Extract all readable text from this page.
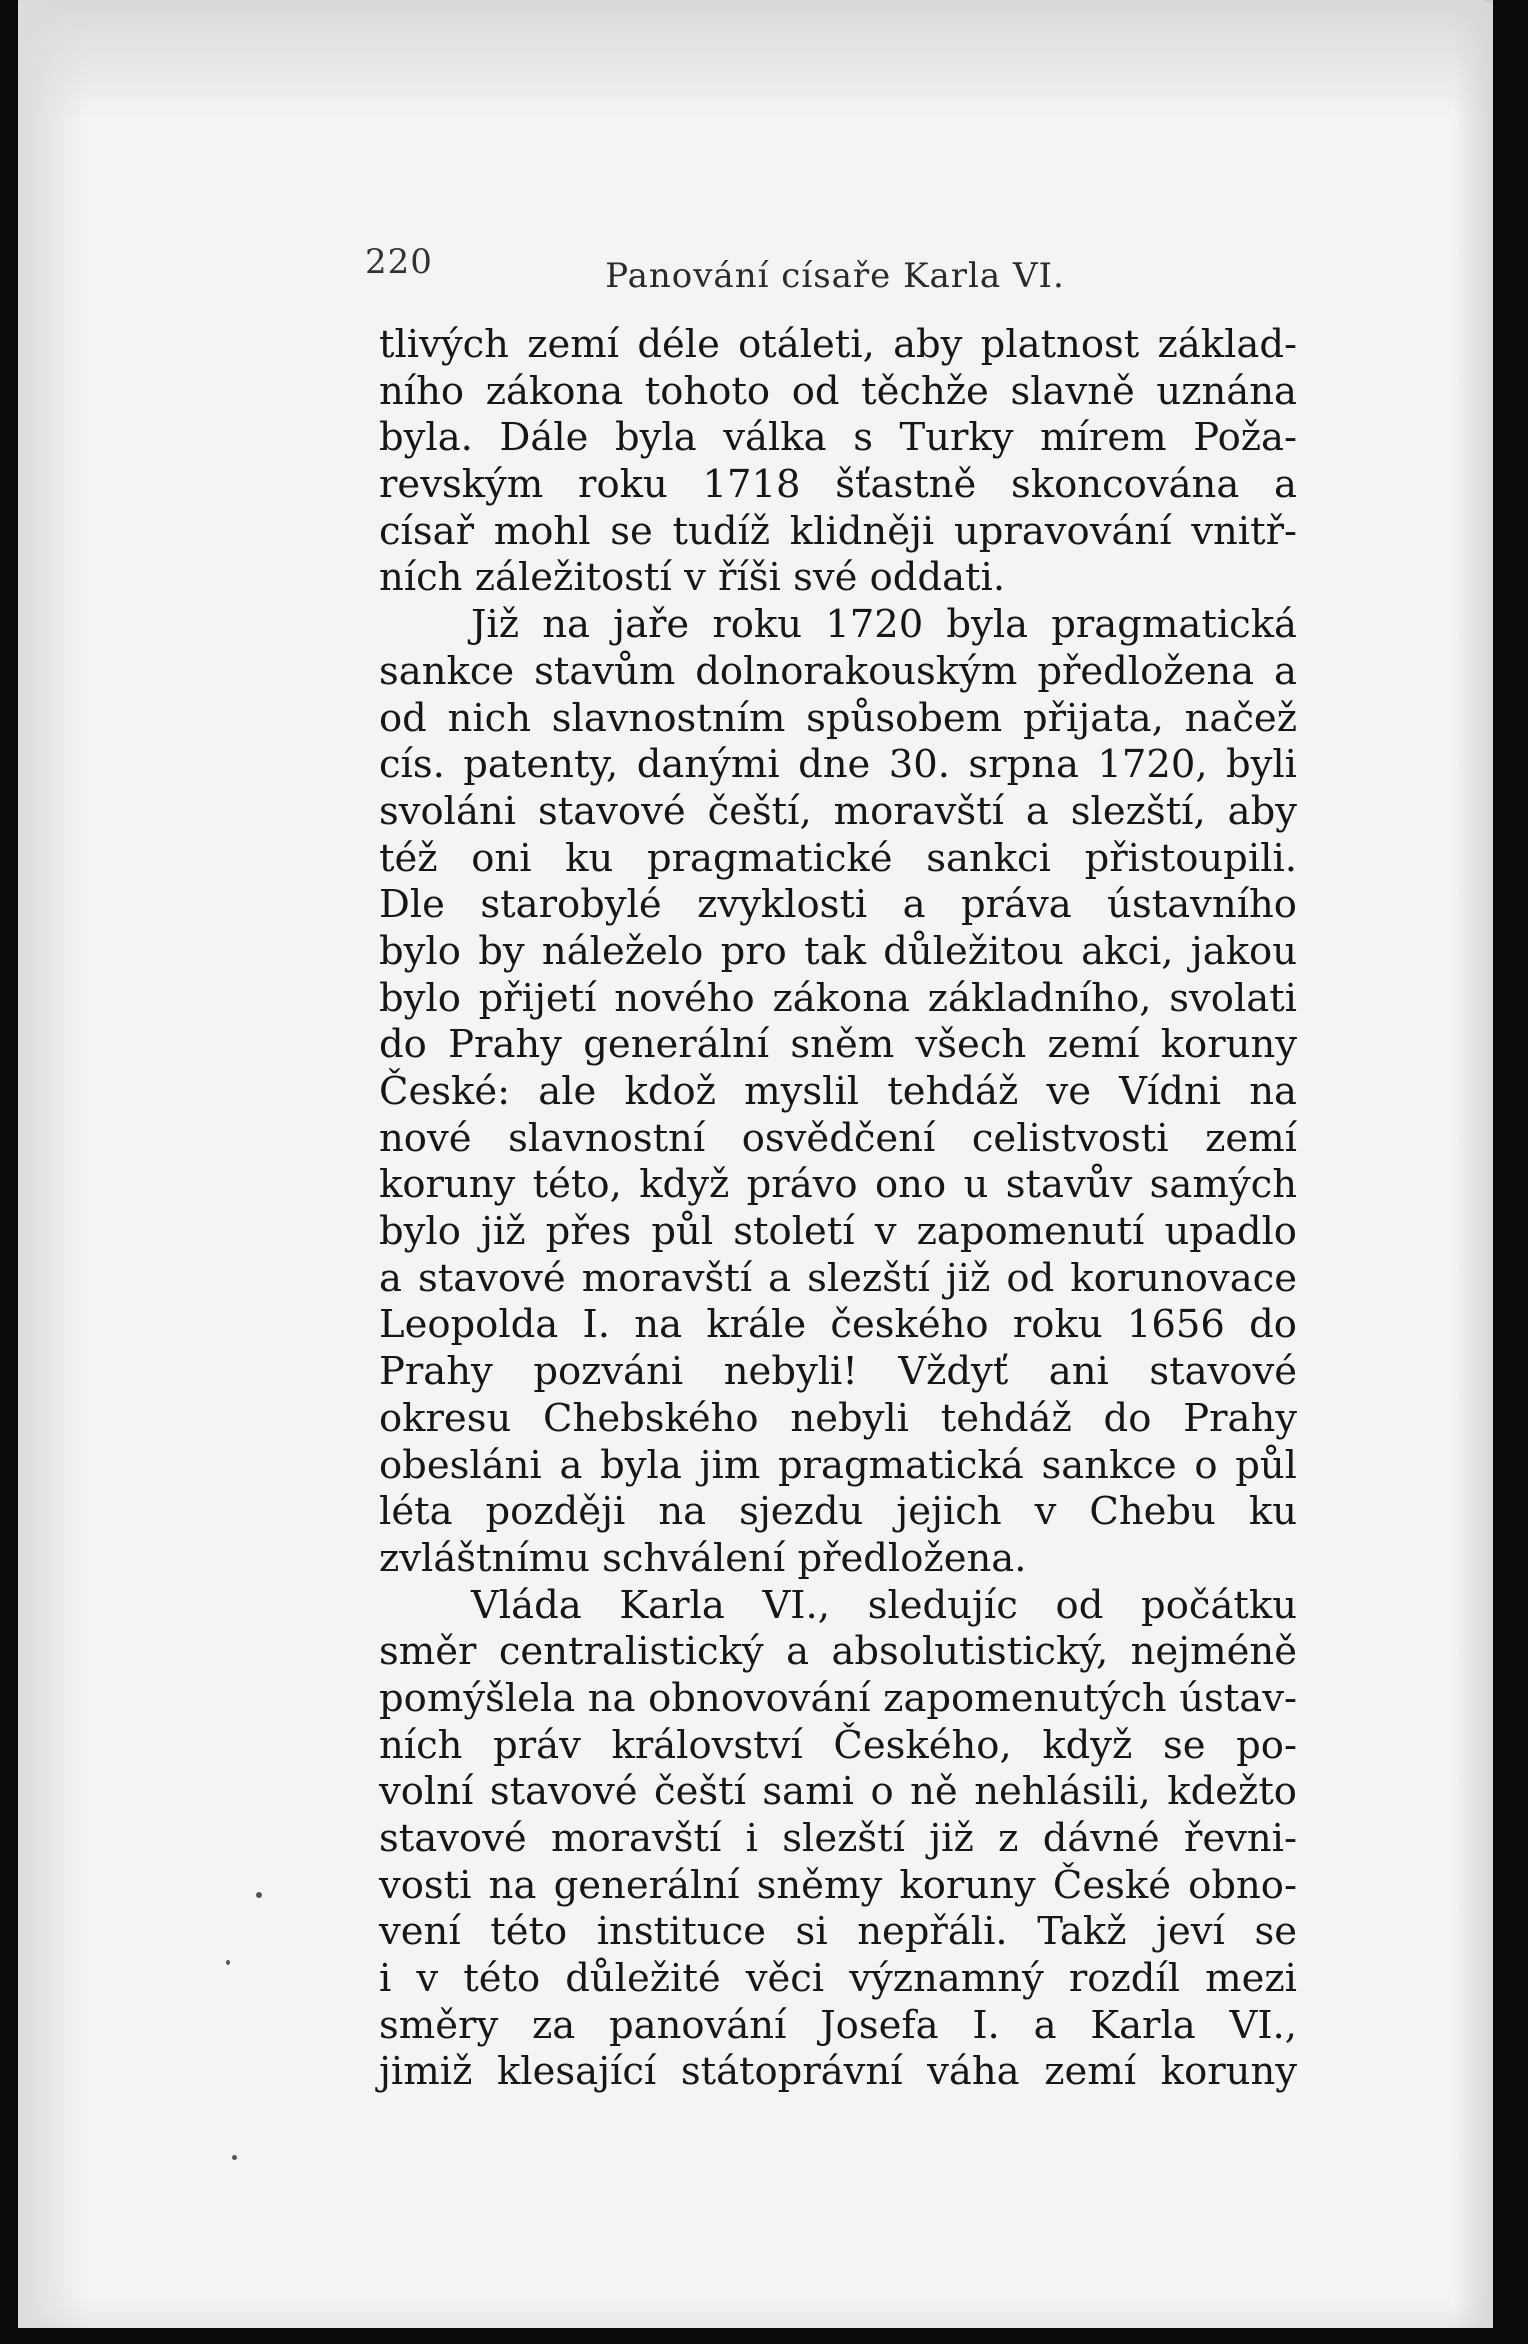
220	Panování císaře Karla VI.
tlivých zemí déle otáleti, aby platnost základ-
ního zákona tohoto od těchže slavně uznána
byla. Dále byla válka s Turky mírem Poža-
revským roku 1718 šťastně skoncována a
císař mohl se tudíž klidněji upravování vnitř-
ních záležitostí v říši své oddati.
Již na jaře roku 1720 byla pragmatická
sankce stavům dolnorakouským předložena a
od nich slavnostním spůsobem přijata, načež
cís. patenty, danými dne 30. srpna 1720, byli
svoláni stavové čeští, moravští a slezští, aby
též oni ku pragmatické sankci přistoupili.
Dle starobylé zvyklosti a práva ústavního
bylo by náleželo pro tak důležitou akci, jakou
bylo přijetí nového zákona základního, svolati
do Prahy generální sněm všech zemí koruny
České: ale kdož myslil tehdáž ve Vídni na
nové slavnostní osvědčení celistvosti zemí
koruny této, když právo ono u stavův samých
bylo již přes půl století v zapomenutí upadlo
a stavové moravští a slezští již od korunovace
Leopolda I. na krále českého roku 1656 do
Prahy pozváni nebyli! Vždyť ani stavové
okresu Chebského nebyli tehdáž do Prahy
obesláni a byla jim pragmatická sankce o půl
léta později na sjezdu jejich v Chebu ku
zvláštnímu schválení předložena.
Vláda Karla VI., sledujíc od počátku
směr centralistický a absolutistický, nejméně
pomýšlela na obnovování zapomenutých ústav-
ních práv království Českého, když se po-
volní stavové čeští sami o ně nehlásili, kdežto
stavové moravští i slezští již z dávné řevni-
vosti na generální sněmy koruny České obno-
vení této instituce si nepřáli. Takž jeví se
i v této důležité věci významný rozdíl mezi
směry za panování Josefa I. a Karla VI.,
jimiž klesající státoprávní váha zemí koruny
